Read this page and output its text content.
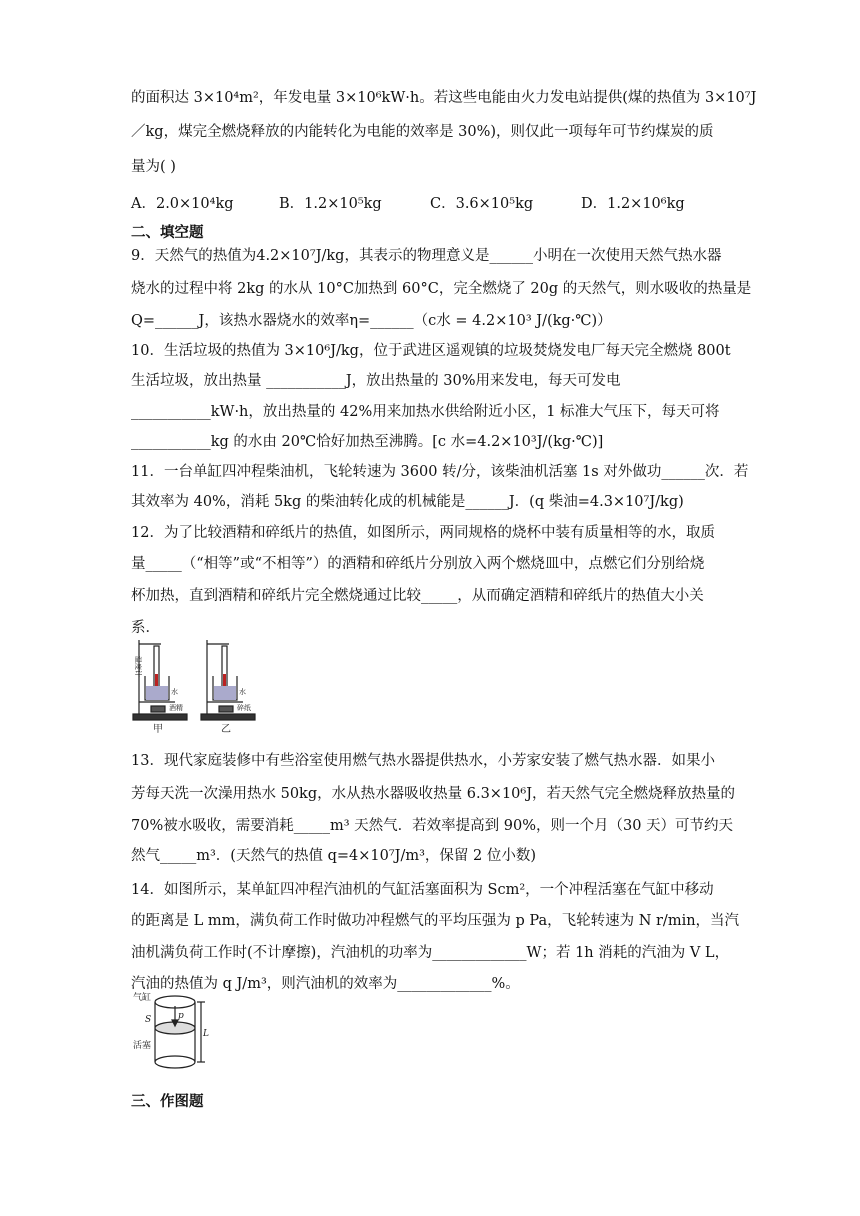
的面积达 3×10⁴m²，年发电量 3×10⁶kW·h。若这些电能由火力发电站提供(煤的热值为 3×10⁷J
／kg，煤完全燃烧释放的内能转化为电能的效率是 30%)，则仅此一项每年可节约煤炭的质
量为( )
A．2.0×10⁴kg	B．1.2×10⁵kg	C．3.6×10⁵kg	D．1.2×10⁶kg
二、填空题
9．天然气的热值为4.2×10⁷J/kg，其表示的物理意义是______小明在一次使用天然气热水器
烧水的过程中将 2kg 的水从 10°C加热到 60°C，完全燃烧了 20g 的天然气，则水吸收的热量是
Q=______J，该热水器烧水的效率η=______（c水 = 4.2×10³ J/(kg·℃)）
10．生活垃圾的热值为 3×10⁶J/kg，位于武进区遥观镇的垃圾焚烧发电厂每天完全燃烧 800t
生活垃圾，放出热量 ___________J，放出热量的 30%用来发电，每天可发电
___________kW·h，放出热量的 42%用来加热水供给附近小区，1 标准大气压下，每天可将
___________kg 的水由 20℃恰好加热至沸腾。[c 水=4.2×10³J/(kg·℃)]
11．一台单缸四冲程柴油机，飞轮转速为 3600 转/分，该柴油机活塞 1s 对外做功______次．若
其效率为 40%，消耗 5kg 的柴油转化成的机械能是______J．(q 柴油=4.3×10⁷J/kg)
12．为了比较酒精和碎纸片的热值，如图所示，两同规格的烧杯中装有质量相等的水，取质
量_____（“相等”或“不相等”）的酒精和碎纸片分别放入两个燃烧皿中，点燃它们分别给烧
杯加热，直到酒精和碎纸片完全燃烧通过比较_____，从而确定酒精和碎纸片的热值大小关
系．
温度计
水
酒精
甲
水
碎纸
乙
13．现代家庭装修中有些浴室使用燃气热水器提供热水，小芳家安装了燃气热水器．如果小
芳每天洗一次澡用热水 50kg，水从热水器吸收热量 6.3×10⁶J，若天然气完全燃烧释放热量的
70%被水吸收，需要消耗_____m³ 天然气．若效率提高到 90%，则一个月（30 天）可节约天
然气_____m³．(天然气的热值 q=4×10⁷J/m³，保留 2 位小数)
14．如图所示，某单缸四冲程汽油机的气缸活塞面积为 Scm²，一个冲程活塞在气缸中移动
的距离是 L mm，满负荷工作时做功冲程燃气的平均压强为 p Pa，飞轮转速为 N r/min，当汽
油机满负荷工作时(不计摩擦)，汽油机的功率为_____________W；若 1h 消耗的汽油为 V L，
汽油的热值为 q J/m³，则汽油机的效率为_____________%。
气缸
S	p
L
活塞
三、作图题
